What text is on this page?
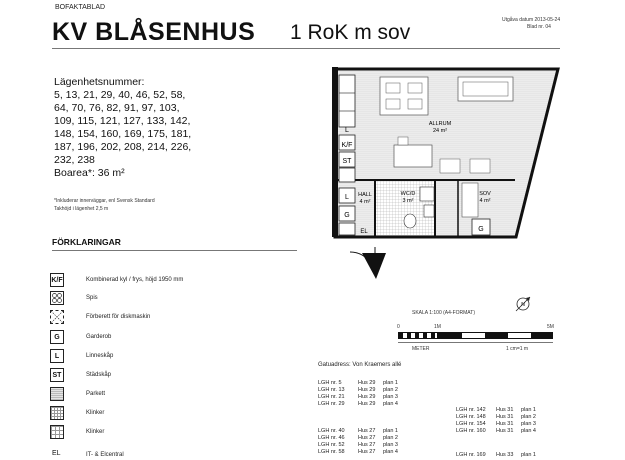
BOFAKTABLAD
KV BLÅSENHUS 1 RoK m sov
Utgåva datum 2013-05-24
Blad nr. 04
Lägenhetsnummer:
5, 13, 21, 29, 40, 46, 52, 58,
64, 70, 76, 82, 91, 97, 103,
109, 115, 121, 127, 133, 142,
148, 154, 160, 169, 175, 181,
187, 196, 202, 208, 214, 226,
232, 238
Boarea*: 36 m²
*Inkluderar innerväggar, enl Svensk Standard
Takhöjd i lägenhet 2,5 m
FÖRKLARINGAR
K/F	Kombinerad kyl / frys, höjd 1950 mm
Spis
Förberett för diskmaskin
G	Garderob
L	Linneskåp
ST	Städskåp
Parkett
Klinker
Klinker
EL	IT- & Elcentral
ALLRUM
24 m²
HALL
4 m²
WC/D
3 m²
SOV
4 m²
L
K/F
ST
L
G
EL	G
SKALA 1:100 (A4-FORMAT)
N
0	1M	5M
METER	1 cm=1 m
Gatuadress: Von Kraemers allé
LGH nr. 5	Hus 29 plan 1
LGH nr. 13 Hus 29 plan 2
LGH nr. 21 Hus 29 plan 3
LGH nr. 29 Hus 29 plan 4
LGH nr. 40 Hus 27 plan 1
LGH nr. 46 Hus 27 plan 2
LGH nr. 52 Hus 27 plan 3
LGH nr. 58 Hus 27 plan 4
LGH nr. 142 Hus 31 plan 1
LGH nr. 148 Hus 31 plan 2
LGH nr. 154 Hus 31 plan 3
LGH nr. 160 Hus 31 plan 4
LGH nr. 169 Hus 33 plan 1
